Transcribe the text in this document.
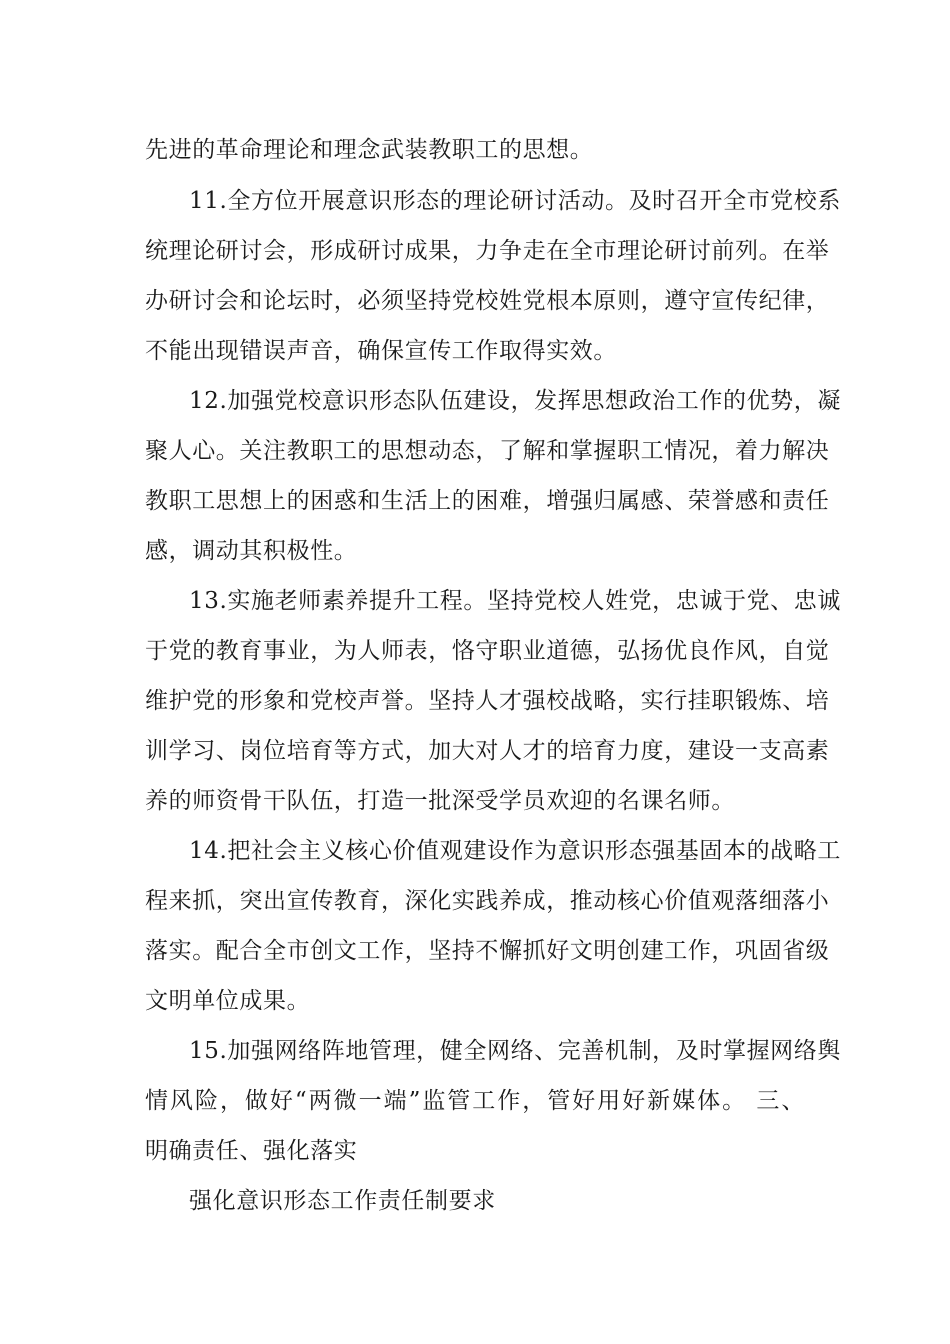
先进的革命理论和理念武装教职工的思想。

11.全方位开展意识形态的理论研讨活动。及时召开全市党校系

统理论研讨会，形成研讨成果，力争走在全市理论研讨前列。在举

办研讨会和论坛时，必须坚持党校姓党根本原则，遵守宣传纪律，

不能出现错误声音，确保宣传工作取得实效。

12.加强党校意识形态队伍建设，发挥思想政治工作的优势，凝

聚人心。关注教职工的思想动态，了解和掌握职工情况，着力解决

教职工思想上的困惑和生活上的困难，增强归属感、荣誉感和责任

感，调动其积极性。

13.实施老师素养提升工程。坚持党校人姓党，忠诚于党、忠诚

于党的教育事业，为人师表，恪守职业道德，弘扬优良作风，自觉

维护党的形象和党校声誉。坚持人才强校战略，实行挂职锻炼、培

训学习、岗位培育等方式，加大对人才的培育力度，建设一支高素

养的师资骨干队伍，打造一批深受学员欢迎的名课名师。

14.把社会主义核心价值观建设作为意识形态强基固本的战略工

程来抓，突出宣传教育，深化实践养成，推动核心价值观落细落小

落实。配合全市创文工作，坚持不懈抓好文明创建工作，巩固省级

文明单位成果。

15.加强网络阵地管理，健全网络、完善机制，及时掌握网络舆

情风险，做好“两微一端”监管工作，管好用好新媒体。 三、

明确责任、强化落实

强化意识形态工作责任制要求
